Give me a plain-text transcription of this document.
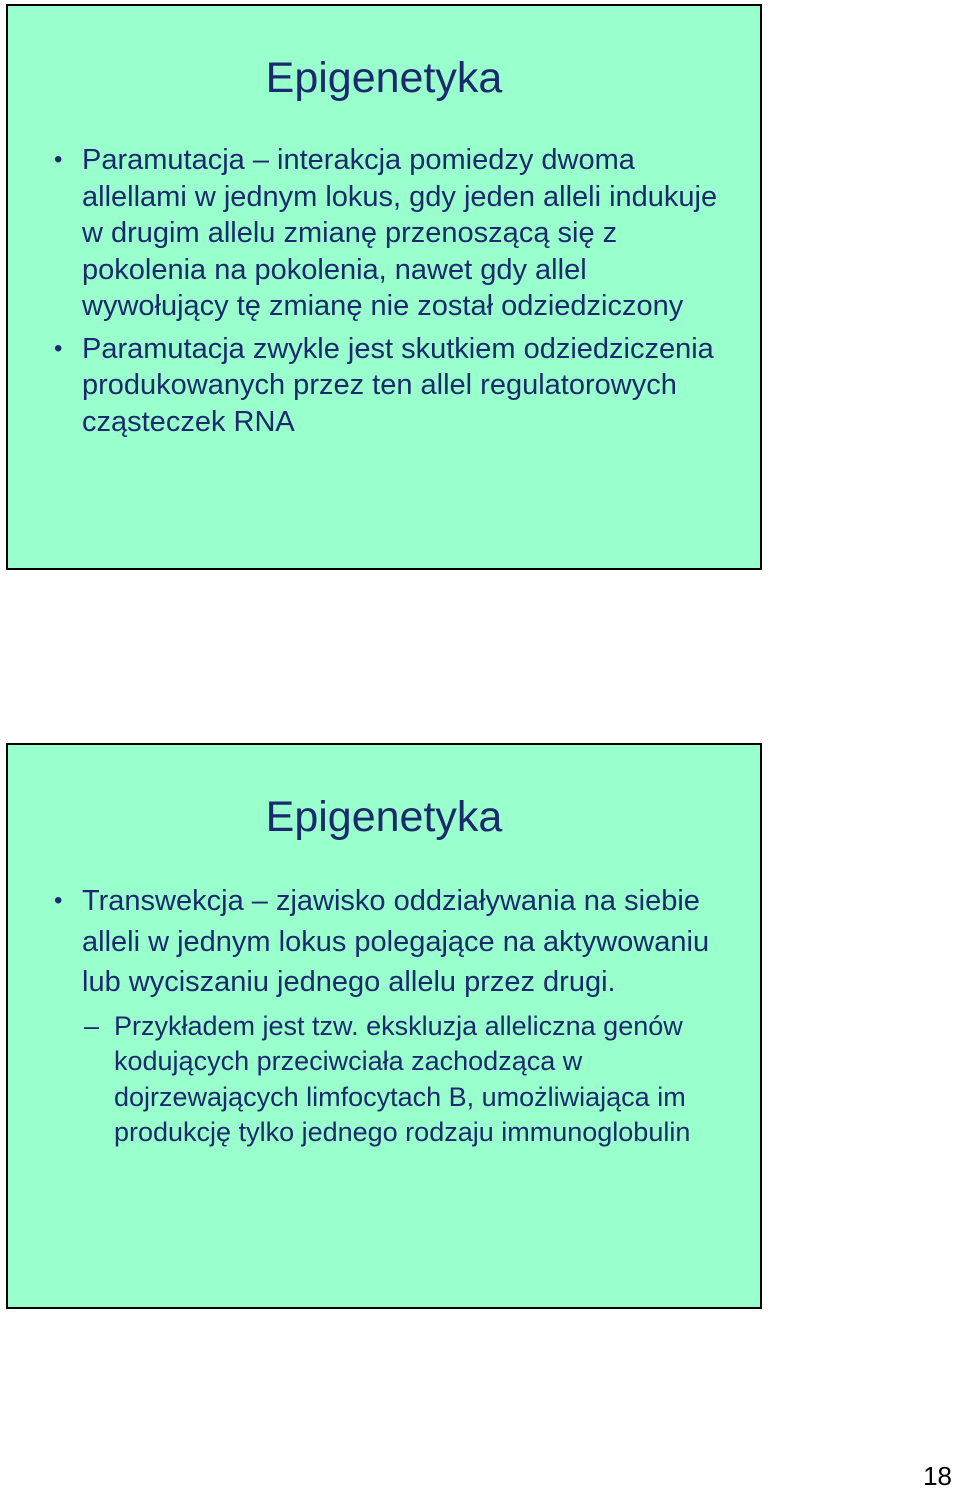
Epigenetyka

• Paramutacja – interakcja pomiedzy dwoma allellami w jednym lokus, gdy jeden alleli indukuje w drugim allelu zmianę przenoszącą się z pokolenia na pokolenia, nawet gdy allel wywołujący tę zmianę nie został odziedziczony

• Paramutacja zwykle jest skutkiem odziedziczenia produkowanych przez ten allel regulatorowych cząsteczek RNA

Epigenetyka

• Transwekcja – zjawisko oddziaływania na siebie alleli w jednym lokus polegające na aktywowaniu lub wyciszaniu jednego allelu przez drugi.

– Przykładem jest tzw. ekskluzja alleliczna genów kodujących przeciwciała zachodząca w dojrzewających limfocytach B, umożliwiająca im produkcję tylko jednego rodzaju immunoglobulin

18
